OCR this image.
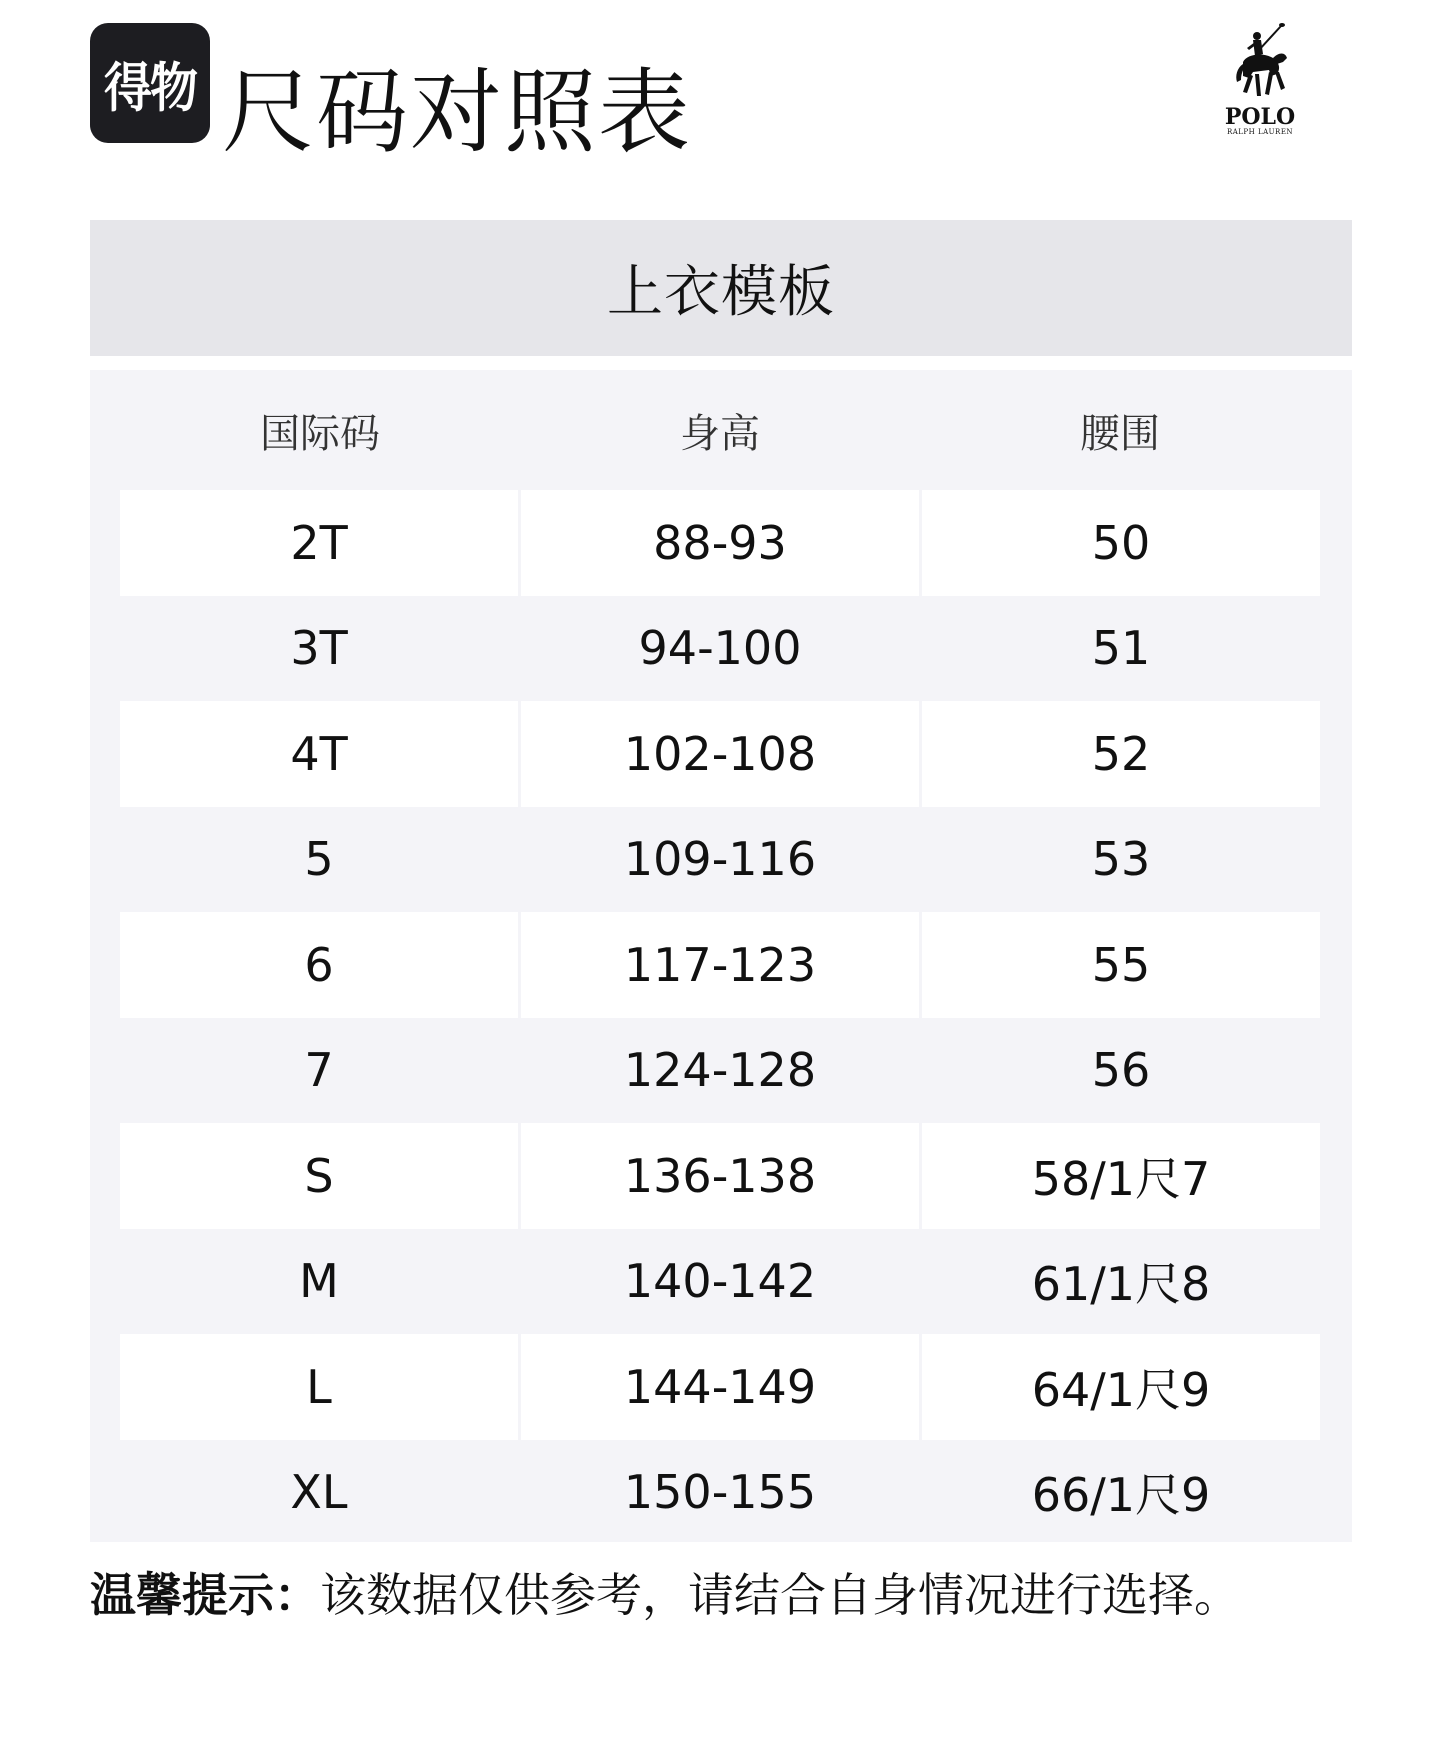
得物 尺码对照表	POLO
RALPH LAUREN
上衣模板
国际码	身高	腰围
2T	88-93	50
3T	94-100	51
4T	102-108	52
5	109-116	53
6	117-123	55
7	124-128	56
S	136-138	58/1尺7
M	140-142	61/1尺8
L	144-149	64/1尺9
XL	150-155	66/1尺9
温馨提示：该数据仅供参考，请结合自身情况进行选择。
